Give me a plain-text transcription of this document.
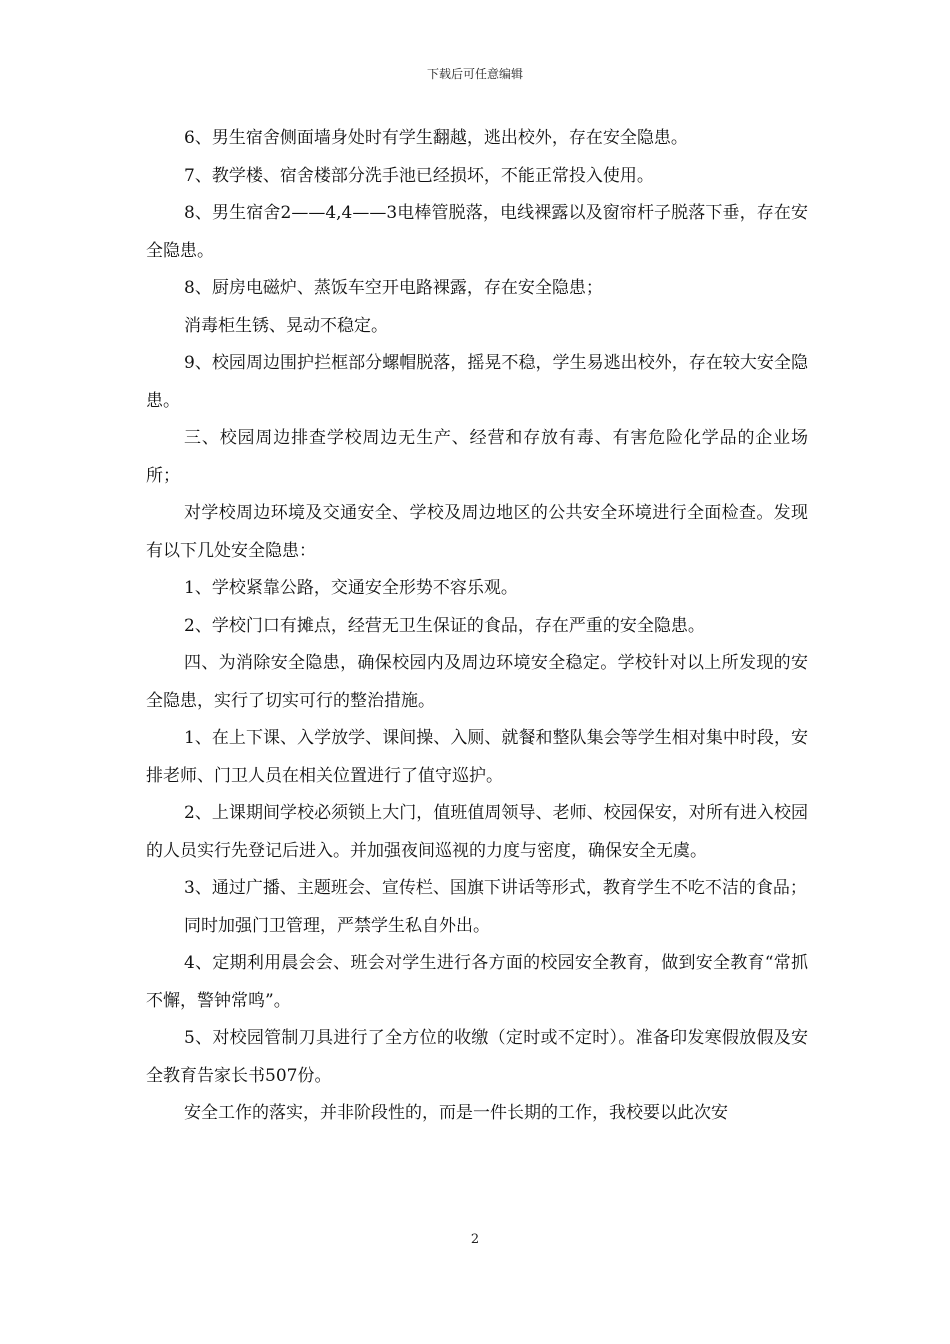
下载后可任意编辑

6、男生宿舍侧面墙身处时有学生翻越，逃出校外，存在安全隐患。

7、教学楼、宿舍楼部分洗手池已经损坏，不能正常投入使用。

8、男生宿舍2——4,4——3电棒管脱落，电线裸露以及窗帘杆子脱落下垂，存在安全隐患。

8、厨房电磁炉、蒸饭车空开电路裸露，存在安全隐患；

消毒柜生锈、晃动不稳定。

9、校园周边围护拦框部分螺帽脱落，摇晃不稳，学生易逃出校外，存在较大安全隐患。

三、校园周边排查学校周边无生产、经营和存放有毒、有害危险化学品的企业场所；

对学校周边环境及交通安全、学校及周边地区的公共安全环境进行全面检查。发现有以下几处安全隐患：

1、学校紧靠公路，交通安全形势不容乐观。

2、学校门口有摊点，经营无卫生保证的食品，存在严重的安全隐患。

四、为消除安全隐患，确保校园内及周边环境安全稳定。学校针对以上所发现的安全隐患，实行了切实可行的整治措施。

1、在上下课、入学放学、课间操、入厕、就餐和整队集会等学生相对集中时段，安排老师、门卫人员在相关位置进行了值守巡护。

2、上课期间学校必须锁上大门，值班值周领导、老师、校园保安，对所有进入校园的人员实行先登记后进入。并加强夜间巡视的力度与密度，确保安全无虞。

3、通过广播、主题班会、宣传栏、国旗下讲话等形式，教育学生不吃不洁的食品；

同时加强门卫管理，严禁学生私自外出。

4、定期利用晨会会、班会对学生进行各方面的校园安全教育，做到安全教育“常抓不懈，警钟常鸣”。

5、对校园管制刀具进行了全方位的收缴（定时或不定时）。准备印发寒假放假及安全教育告家长书507份。

安全工作的落实，并非阶段性的，而是一件长期的工作，我校要以此次安

2
